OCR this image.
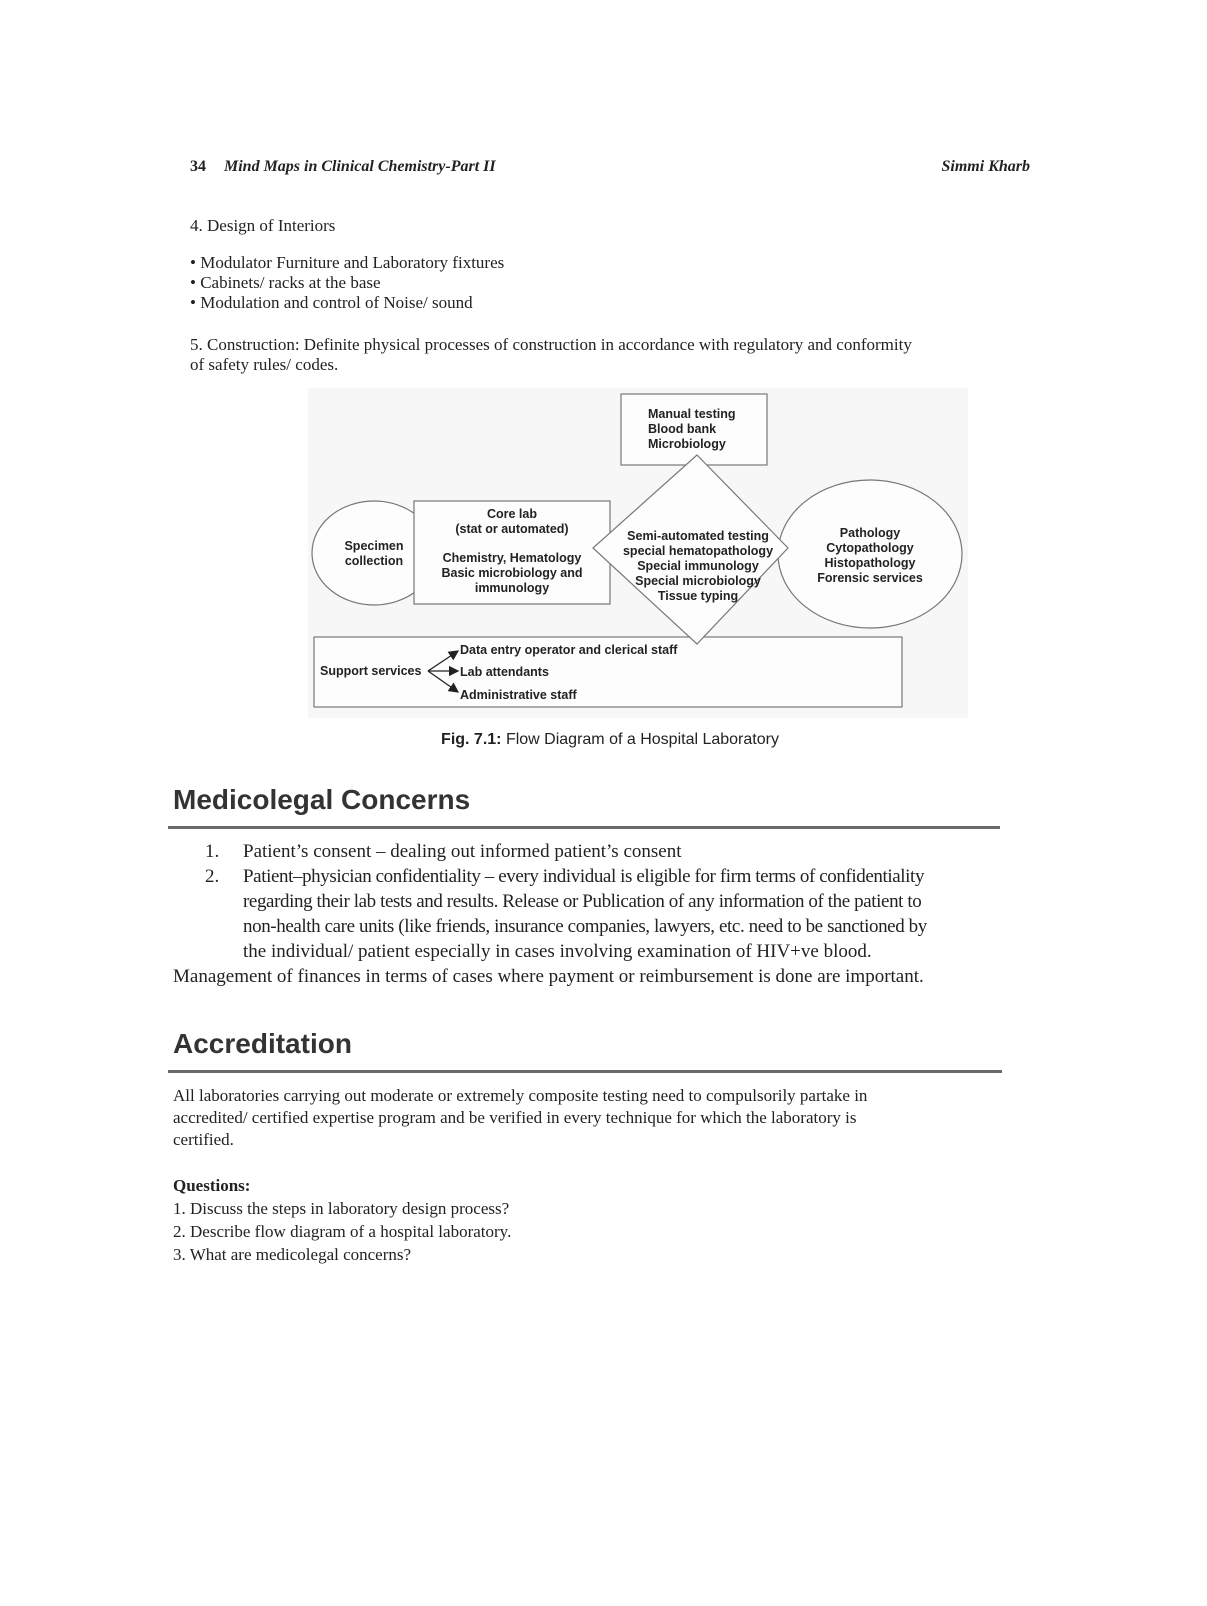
34 Mind Maps in Clinical Chemistry-Part II	Simmi Kharb
4. Design of Interiors
• Modulator Furniture and Laboratory fixtures
• Cabinets/ racks at the base
• Modulation and control of Noise/ sound
5. Construction: Definite physical processes of construction in accordance with regulatory and conformity
of safety rules/ codes.
Manual testing
Blood bank
Microbiology
Specimen
collection
Core lab
(stat or automated)
Chemistry, Hematology
Basic microbiology and
immunology
Pathology
Cytopathology
Histopathology
Forensic services
Semi-automated testing
special hematopathology
Special immunology
Special microbiology
Tissue typing
Support services
Data entry operator and clerical staff
Lab attendants
Administrative staff
Fig. 7.1: Flow Diagram of a Hospital Laboratory
Medicolegal Concerns
1. Patient’s consent – dealing out informed patient’s consent
2. Patient–physician confidentiality – every individual is eligible for firm terms of confidentiality
regarding their lab tests and results. Release or Publication of any information of the patient to
non-health care units (like friends, insurance companies, lawyers, etc. need to be sanctioned by
the individual/ patient especially in cases involving examination of HIV+ve blood.
Management of finances in terms of cases where payment or reimbursement is done are important.
Accreditation
All laboratories carrying out moderate or extremely composite testing need to compulsorily partake in
accredited/ certified expertise program and be verified in every technique for which the laboratory is
certified.
Questions:
1. Discuss the steps in laboratory design process?
2. Describe flow diagram of a hospital laboratory.
3. What are medicolegal concerns?
